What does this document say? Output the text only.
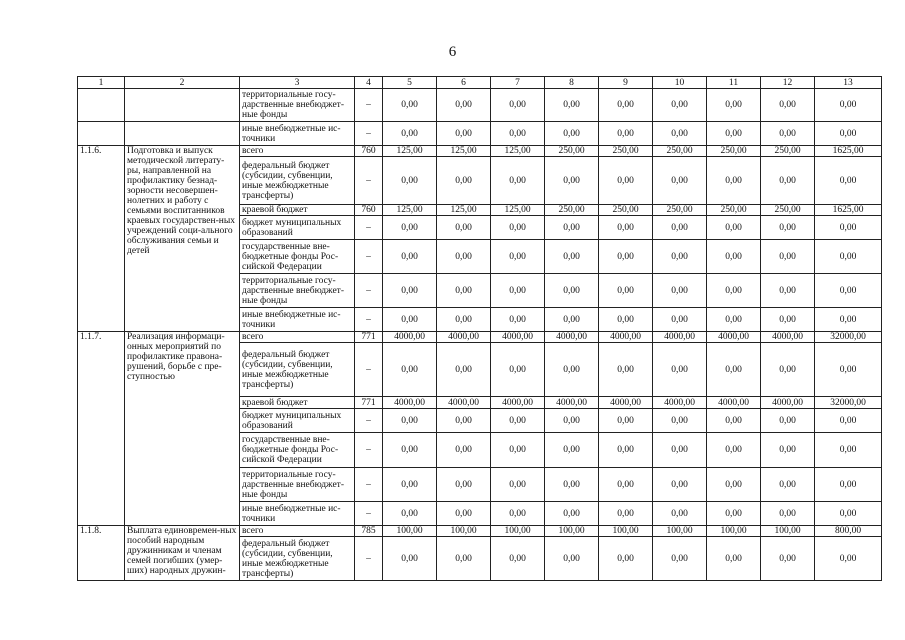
6
1	2	3	4	5	6	7	8	9	10	11	12	13
		территориальные госу-дарственные внебюджет-ные фонды	–	0,00	0,00	0,00	0,00	0,00	0,00	0,00	0,00	0,00
		иные внебюджетные ис-точники	–	0,00	0,00	0,00	0,00	0,00	0,00	0,00	0,00	0,00
1.1.6.	Подготовка и выпуск методической литерату-ры, направленной на профилактику безнад-зорности несовершен-нолетних и работу с семьями воспитанников краевых государствен-ных учреждений соци-ального обслуживания семьи и детей	всего	760	125,00	125,00	125,00	250,00	250,00	250,00	250,00	250,00	1625,00
		федеральный бюджет (субсидии, субвенции, иные межбюджетные трансферты)	–	0,00	0,00	0,00	0,00	0,00	0,00	0,00	0,00	0,00
		краевой бюджет	760	125,00	125,00	125,00	250,00	250,00	250,00	250,00	250,00	1625,00
		бюджет муниципальных образований	–	0,00	0,00	0,00	0,00	0,00	0,00	0,00	0,00	0,00
		государственные вне-бюджетные фонды Рос-сийской Федерации	–	0,00	0,00	0,00	0,00	0,00	0,00	0,00	0,00	0,00
		территориальные госу-дарственные внебюджет-ные фонды	–	0,00	0,00	0,00	0,00	0,00	0,00	0,00	0,00	0,00
		иные внебюджетные ис-точники	–	0,00	0,00	0,00	0,00	0,00	0,00	0,00	0,00	0,00
1.1.7.	Реализация информаци-онных мероприятий по профилактике правона-рушений, борьбе с пре-ступностью	всего	771	4000,00	4000,00	4000,00	4000,00	4000,00	4000,00	4000,00	4000,00	32000,00
		федеральный бюджет (субсидии, субвенции, иные межбюджетные трансферты)	–	0,00	0,00	0,00	0,00	0,00	0,00	0,00	0,00	0,00
		краевой бюджет	771	4000,00	4000,00	4000,00	4000,00	4000,00	4000,00	4000,00	4000,00	32000,00
		бюджет муниципальных образований	–	0,00	0,00	0,00	0,00	0,00	0,00	0,00	0,00	0,00
		государственные вне-бюджетные фонды Рос-сийской Федерации	–	0,00	0,00	0,00	0,00	0,00	0,00	0,00	0,00	0,00
		территориальные госу-дарственные внебюджет-ные фонды	–	0,00	0,00	0,00	0,00	0,00	0,00	0,00	0,00	0,00
		иные внебюджетные ис-точники	–	0,00	0,00	0,00	0,00	0,00	0,00	0,00	0,00	0,00
1.1.8.	Выплата единовремен-ных пособий народным дружинникам и членам семей погибших (умер-ших) народных дружин-	всего	785	100,00	100,00	100,00	100,00	100,00	100,00	100,00	100,00	800,00
		федеральный бюджет (субсидии, субвенции, иные межбюджетные трансферты)	–	0,00	0,00	0,00	0,00	0,00	0,00	0,00	0,00	0,00
